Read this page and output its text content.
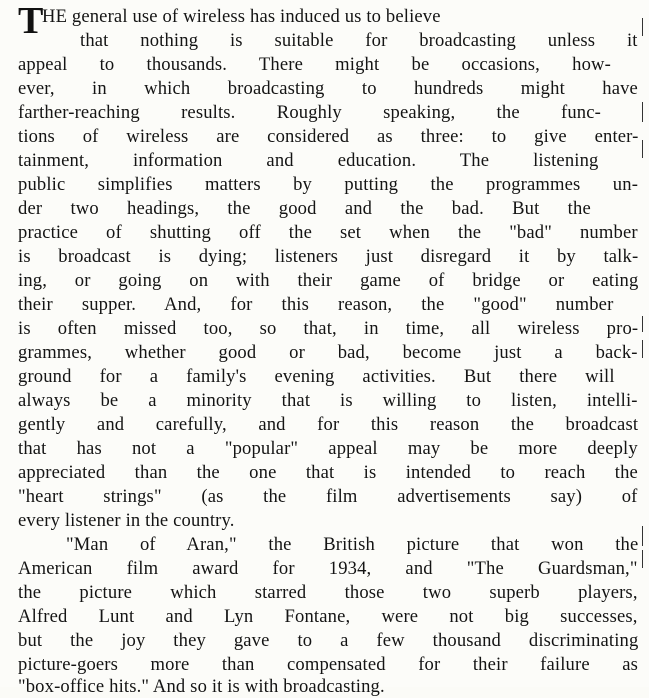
T
HE general use of wireless has induced us to believe
that nothing is suitable for broadcasting unless it
appeal to thousands. There might be occasions, how-
ever, in which broadcasting to hundreds might have
farther-reaching results. Roughly speaking, the func-
tions of wireless are considered as three: to give enter-
tainment, information and education. The listening
public simplifies matters by putting the programmes un-
der two headings, the good and the bad. But the
practice of shutting off the set when the "bad" number
is broadcast is dying; listeners just disregard it by talk-
ing, or going on with their game of bridge or eating
their supper. And, for this reason, the "good" number
is often missed too, so that, in time, all wireless pro-
grammes, whether good or bad, become just a back-
ground for a family's evening activities. But there will
always be a minority that is willing to listen, intelli-
gently and carefully, and for this reason the broadcast
that has not a "popular" appeal may be more deeply
appreciated than the one that is intended to reach the
"heart strings" (as the film advertisements say) of
every listener in the country.
"Man of Aran," the British picture that won the
American film award for 1934, and "The Guardsman,"
the picture which starred those two superb players,
Alfred Lunt and Lyn Fontane, were not big successes,
but the joy they gave to a few thousand discriminating
picture-goers more than compensated for their failure as
"box-office hits." And so it is with broadcasting.
